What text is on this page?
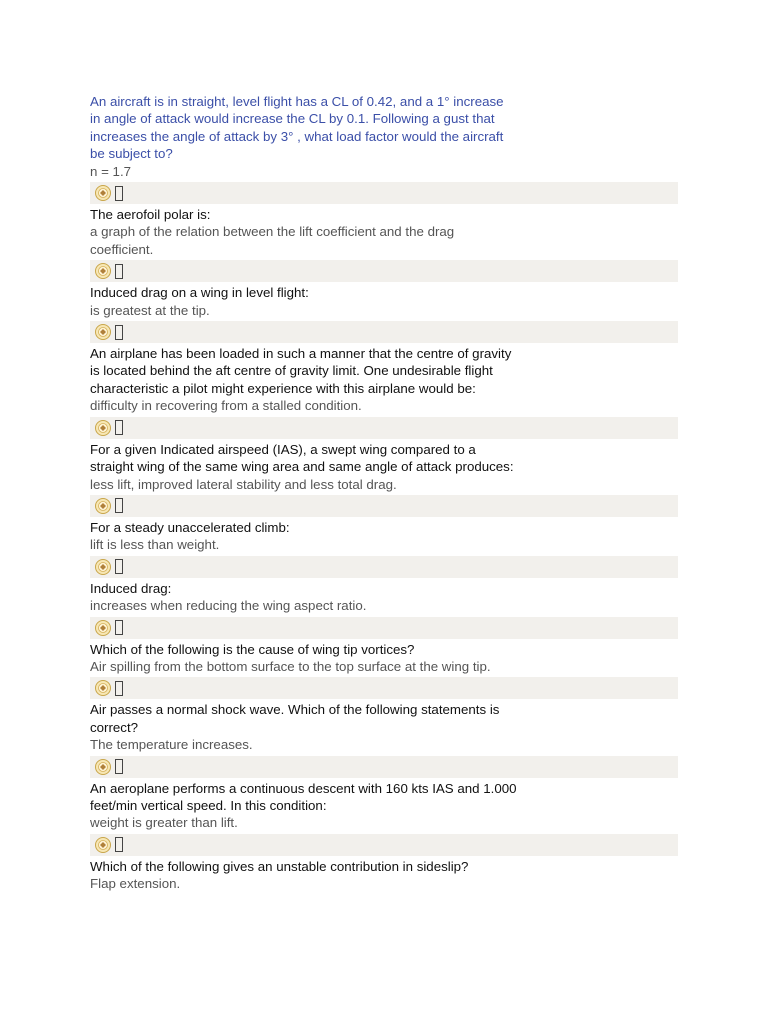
An aircraft is in straight, level flight has a CL of 0.42, and a 1° increase in angle of attack would increase the CL by 0.1. Following a gust that increases the angle of attack by 3° , what load factor would the aircraft be subject to?
n = 1.7
The aerofoil polar is:
a graph of the relation between the lift coefficient and the drag coefficient.
Induced drag on a wing in level flight:
is greatest at the tip.
An airplane has been loaded in such a manner that the centre of gravity is located behind the aft centre of gravity limit. One undesirable flight characteristic a pilot might experience with this airplane would be:
difficulty in recovering from a stalled condition.
For a given Indicated airspeed (IAS), a swept wing compared to a straight wing of the same wing area and same angle of attack produces:
less lift, improved lateral stability and less total drag.
For a steady unaccelerated climb:
lift is less than weight.
Induced drag:
increases when reducing the wing aspect ratio.
Which of the following is the cause of wing tip vortices?
Air spilling from the bottom surface to the top surface at the wing tip.
Air passes a normal shock wave. Which of the following statements is correct?
The temperature increases.
An aeroplane performs a continuous descent with 160 kts IAS and 1.000 feet/min vertical speed. In this condition:
weight is greater than lift.
Which of the following gives an unstable contribution in sideslip?
Flap extension.
